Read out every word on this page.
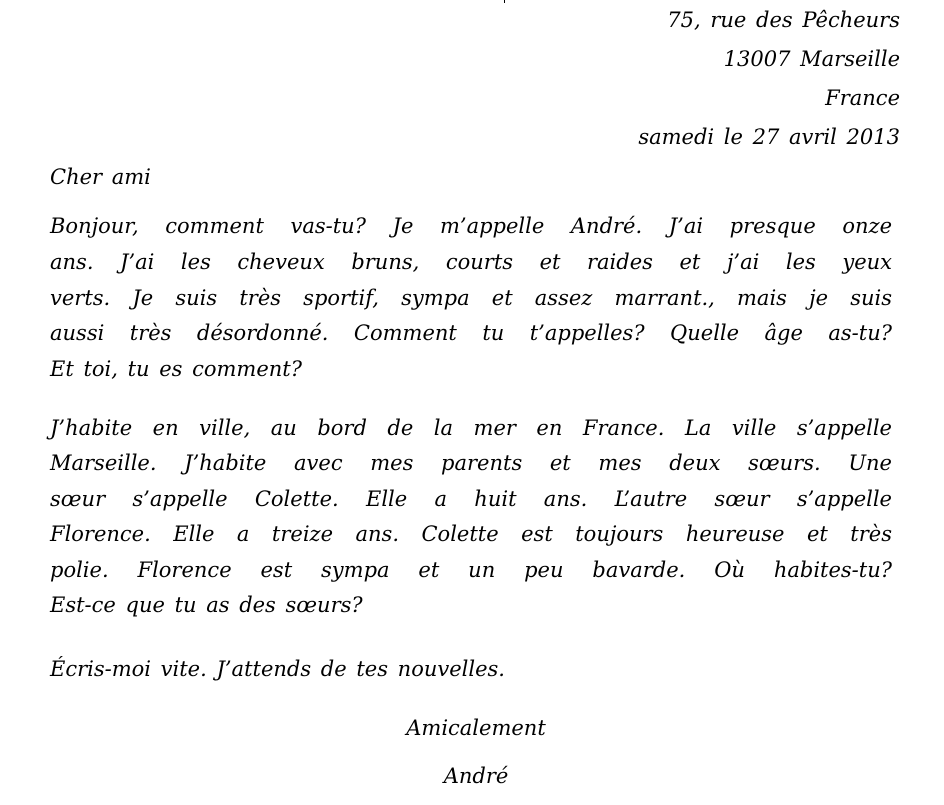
75, rue des Pêcheurs
13007 Marseille
France
samedi le 27 avril 2013
Cher ami
Bonjour, comment vas-tu? Je m’appelle André. J’ai presque onze
ans. J’ai les cheveux bruns, courts et raides et j’ai les yeux
verts. Je suis très sportif, sympa et assez marrant., mais je suis
aussi très désordonné. Comment tu t’appelles? Quelle âge as-tu?
Et toi, tu es comment?
J’habite en ville, au bord de la mer en France. La ville s’appelle
Marseille. J’habite avec mes parents et mes deux sœurs. Une
sœur s’appelle Colette. Elle a huit ans. L’autre sœur s’appelle
Florence. Elle a treize ans. Colette est toujours heureuse et très
polie. Florence est sympa et un peu bavarde. Où habites-tu?
Est-ce que tu as des sœurs?
Écris-moi vite. J’attends de tes nouvelles.
Amicalement
André
